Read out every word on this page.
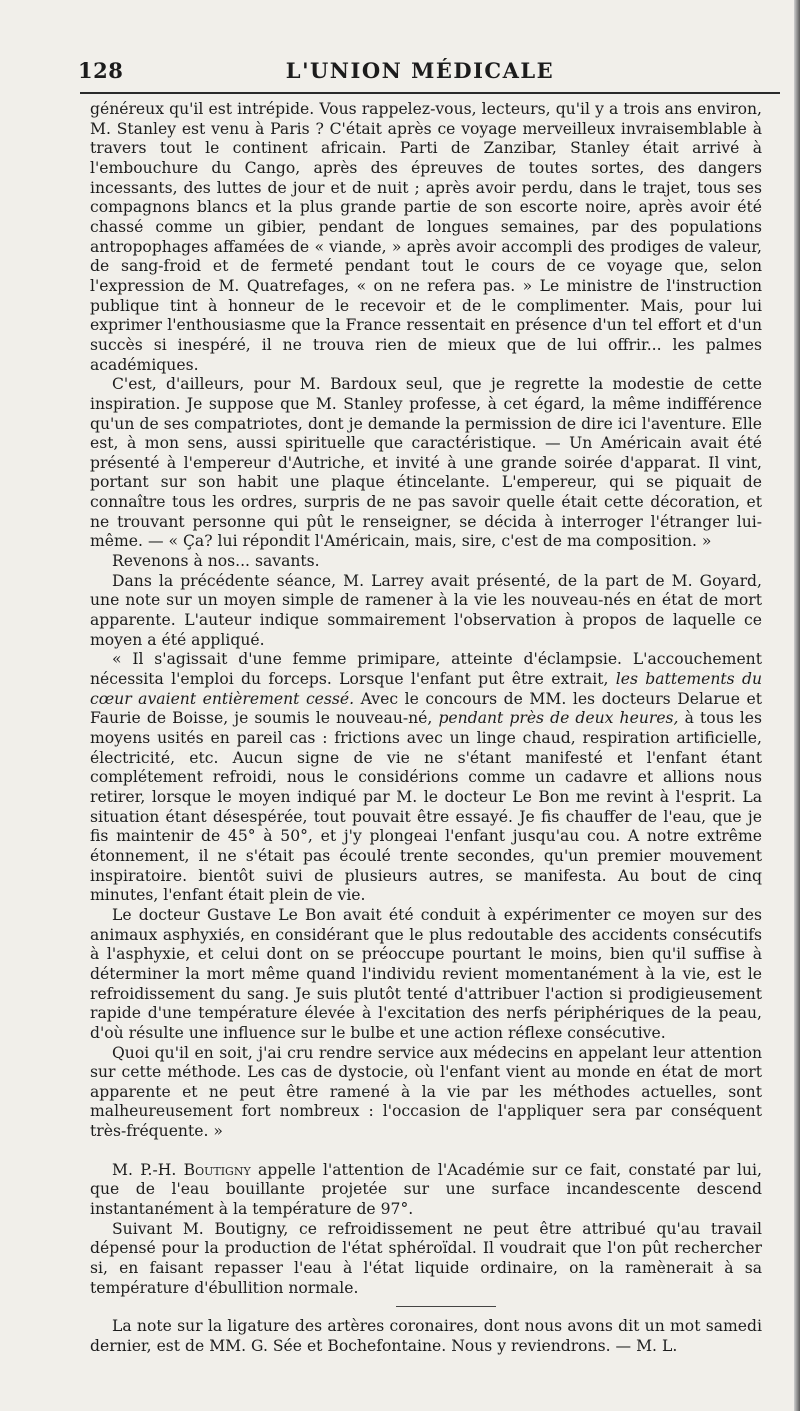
128	L'UNION MÉDICALE

généreux qu'il est intrépide. Vous rappelez-vous, lecteurs, qu'il y a trois ans environ, M. Stanley est venu à Paris ? C'était après ce voyage merveilleux invraisemblable à travers tout le continent africain. Parti de Zanzibar, Stanley était arrivé à l'embouchure du Cango, après des épreuves de toutes sortes, des dangers incessants, des luttes de jour et de nuit ; après avoir perdu, dans le trajet, tous ses compagnons blancs et la plus grande partie de son escorte noire, après avoir été chassé comme un gibier, pendant de longues semaines, par des populations antropophages affamées de « viande, » après avoir accompli des prodiges de valeur, de sang-froid et de fermeté pendant tout le cours de ce voyage que, selon l'expression de M. Quatrefages, « on ne refera pas. » Le ministre de l'instruction publique tint à honneur de le recevoir et de le complimenter. Mais, pour lui exprimer l'enthousiasme que la France ressentait en présence d'un tel effort et d'un succès si inespéré, il ne trouva rien de mieux que de lui offrir... les palmes académiques.

C'est, d'ailleurs, pour M. Bardoux seul, que je regrette la modestie de cette inspiration. Je suppose que M. Stanley professe, à cet égard, la même indifférence qu'un de ses compatriotes, dont je demande la permission de dire ici l'aventure. Elle est, à mon sens, aussi spirituelle que caractéristique. — Un Américain avait été présenté à l'empereur d'Autriche, et invité à une grande soirée d'apparat. Il vint, portant sur son habit une plaque étincelante. L'empereur, qui se piquait de connaître tous les ordres, surpris de ne pas savoir quelle était cette décoration, et ne trouvant personne qui pût le renseigner, se décida à interroger l'étranger lui-même. — « Ça? lui répondit l'Américain, mais, sire, c'est de ma composition. »

Revenons à nos... savants.

Dans la précédente séance, M. Larrey avait présenté, de la part de M. Goyard, une note sur un moyen simple de ramener à la vie les nouveau-nés en état de mort apparente. L'auteur indique sommairement l'observation à propos de laquelle ce moyen a été appliqué.

« Il s'agissait d'une femme primipare, atteinte d'éclampsie. L'accouchement nécessita l'emploi du forceps. Lorsque l'enfant put être extrait, les battements du cœur avaient entièrement cessé. Avec le concours de MM. les docteurs Delarue et Faurie de Boisse, je soumis le nouveau-né, pendant près de deux heures, à tous les moyens usités en pareil cas : frictions avec un linge chaud, respiration artificielle, électricité, etc. Aucun signe de vie ne s'étant manifesté et l'enfant étant complétement refroidi, nous le considérions comme un cadavre et allions nous retirer, lorsque le moyen indiqué par M. le docteur Le Bon me revint à l'esprit. La situation étant désespérée, tout pouvait être essayé. Je fis chauffer de l'eau, que je fis maintenir de 45° à 50°, et j'y plongeai l'enfant jusqu'au cou. A notre extrême étonnement, il ne s'était pas écoulé trente secondes, qu'un premier mouvement inspiratoire. bientôt suivi de plusieurs autres, se manifesta. Au bout de cinq minutes, l'enfant était plein de vie.

Le docteur Gustave Le Bon avait été conduit à expérimenter ce moyen sur des animaux asphyxiés, en considérant que le plus redoutable des accidents consécutifs à l'asphyxie, et celui dont on se préoccupe pourtant le moins, bien qu'il suffise à déterminer la mort même quand l'individu revient momentanément à la vie, est le refroidissement du sang. Je suis plutôt tenté d'attribuer l'action si prodigieusement rapide d'une température élevée à l'excitation des nerfs périphériques de la peau, d'où résulte une influence sur le bulbe et une action réflexe consécutive.

Quoi qu'il en soit, j'ai cru rendre service aux médecins en appelant leur attention sur cette méthode. Les cas de dystocie, où l'enfant vient au monde en état de mort apparente et ne peut être ramené à la vie par les méthodes actuelles, sont malheureusement fort nombreux : l'occasion de l'appliquer sera par conséquent très-fréquente. »

M. P.-H. Boutigny appelle l'attention de l'Académie sur ce fait, constaté par lui, que de l'eau bouillante projetée sur une surface incandescente descend instantanément à la température de 97°.

Suivant M. Boutigny, ce refroidissement ne peut être attribué qu'au travail dépensé pour la production de l'état sphéroïdal. Il voudrait que l'on pût rechercher si, en faisant repasser l'eau à l'état liquide ordinaire, on la ramènerait à sa température d'ébullition normale.

La note sur la ligature des artères coronaires, dont nous avons dit un mot samedi dernier, est de MM. G. Sée et Bochefontaine. Nous y reviendrons. — M. L.
